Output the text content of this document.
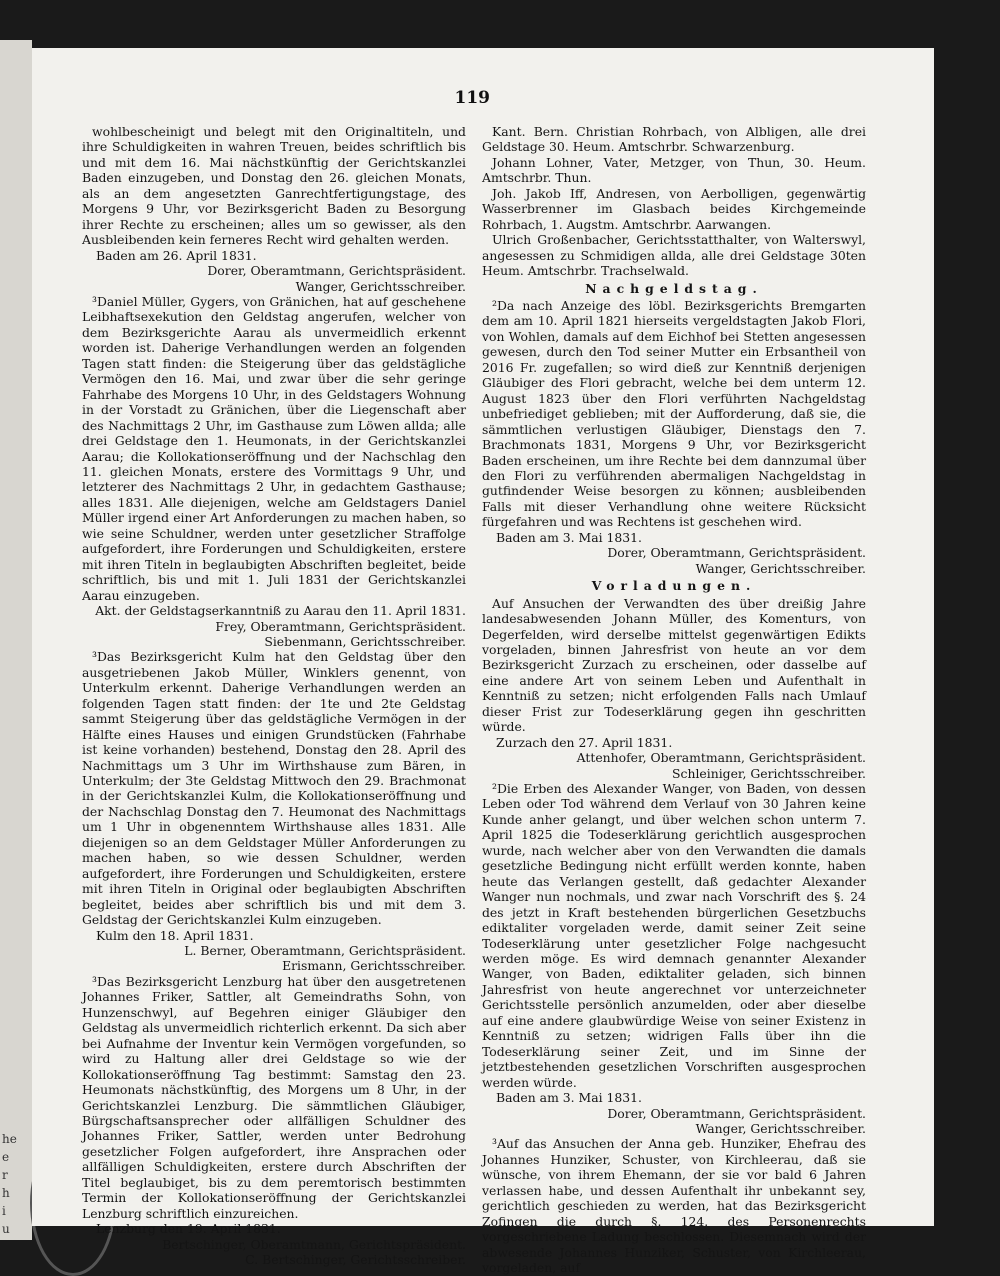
he
e
r
h
i
u
119

wohlbescheinigt und belegt mit den Originaltiteln, und ihre Schuldigkeiten in wahren Treuen, beides schriftlich bis und mit dem 16. Mai nächstkünftig der Gerichtskanzlei Baden einzugeben, und Donstag den 26. gleichen Monats, als an dem angesetzten Ganrechtfertigungstage, des Morgens 9 Uhr, vor Bezirksgericht Baden zu Besorgung ihrer Rechte zu erscheinen; alles um so gewisser, als den Ausbleibenden kein ferneres Recht wird gehalten werden.

Baden am 26. April 1831.

Dorer, Oberamtmann, Gerichtspräsident.

Wanger, Gerichtsschreiber.

³Daniel Müller, Gygers, von Gränichen, hat auf geschehene Leibhaftsexekution den Geldstag angerufen, welcher von dem Bezirksgerichte Aarau als unvermeidlich erkennt worden ist. Daherige Verhandlungen werden an folgenden Tagen statt finden: die Steigerung über das geldstägliche Vermögen den 16. Mai, und zwar über die sehr geringe Fahrhabe des Morgens 10 Uhr, in des Geldstagers Wohnung in der Vorstadt zu Gränichen, über die Liegenschaft aber des Nachmittags 2 Uhr, im Gasthause zum Löwen allda; alle drei Geldstage den 1. Heumonats, in der Gerichtskanzlei Aarau; die Kollokationseröffnung und der Nachschlag den 11. gleichen Monats, erstere des Vormittags 9 Uhr, und letzterer des Nachmittags 2 Uhr, in gedachtem Gasthause; alles 1831. Alle diejenigen, welche am Geldstagers Daniel Müller irgend einer Art Anforderungen zu machen haben, so wie seine Schuldner, werden unter gesetzlicher Straffolge aufgefordert, ihre Forderungen und Schuldigkeiten, erstere mit ihren Titeln in beglaubigten Abschriften begleitet, beide schriftlich, bis und mit 1. Juli 1831 der Gerichtskanzlei Aarau einzugeben.

Akt. der Geldstagserkanntniß zu Aarau den 11. April 1831.

Frey, Oberamtmann, Gerichtspräsident.

Siebenmann, Gerichtsschreiber.

³Das Bezirksgericht Kulm hat den Geldstag über den ausgetriebenen Jakob Müller, Winklers genennt, von Unterkulm erkennt. Daherige Verhandlungen werden an folgenden Tagen statt finden: der 1te und 2te Geldstag sammt Steigerung über das geldstägliche Vermögen in der Hälfte eines Hauses und einigen Grundstücken (Fahrhabe ist keine vorhanden) bestehend, Donstag den 28. April des Nachmittags um 3 Uhr im Wirthshause zum Bären, in Unterkulm; der 3te Geldstag Mittwoch den 29. Brachmonat in der Gerichtskanzlei Kulm, die Kollokationseröffnung und der Nachschlag Donstag den 7. Heumonat des Nachmittags um 1 Uhr in obgenenntem Wirthshause alles 1831. Alle diejenigen so an dem Geldstager Müller Anforderungen zu machen haben, so wie dessen Schuldner, werden aufgefordert, ihre Forderungen und Schuldigkeiten, erstere mit ihren Titeln in Original oder beglaubigten Abschriften begleitet, beides aber schriftlich bis und mit dem 3. Geldstag der Gerichtskanzlei Kulm einzugeben.

Kulm den 18. April 1831.

L. Berner, Oberamtmann, Gerichtspräsident.

Erismann, Gerichtsschreiber.

³Das Bezirksgericht Lenzburg hat über den ausgetretenen Johannes Friker, Sattler, alt Gemeindraths Sohn, von Hunzenschwyl, auf Begehren einiger Gläubiger den Geldstag als unvermeidlich richterlich erkennt. Da sich aber bei Aufnahme der Inventur kein Vermögen vorgefunden, so wird zu Haltung aller drei Geldstage so wie der Kollokationseröffnung Tag bestimmt: Samstag den 23. Heumonats nächstkünftig, des Morgens um 8 Uhr, in der Gerichtskanzlei Lenzburg. Die sämmtlichen Gläubiger, Bürgschaftsansprecher oder allfälligen Schuldner des Johannes Friker, Sattler, werden unter Bedrohung gesetzlicher Folgen aufgefordert, ihre Ansprachen oder allfälligen Schuldigkeiten, erstere durch Abschriften der Titel beglaubiget, bis zu dem peremtorisch bestimmten Termin der Kollokationseröffnung der Gerichtskanzlei Lenzburg schriftlich einzureichen.

Lenzburg den 19. April 1831.

Bertschinger, Oberamtmann, Gerichtspräsident.

C. Bertschinger, Gerichtsschreiber.

Kant. Bern. Christian Rohrbach, von Albligen, alle drei Geldstage 30. Heum. Amtschrbr. Schwarzenburg.

Johann Lohner, Vater, Metzger, von Thun, 30. Heum. Amtschrbr. Thun.

Joh. Jakob Iff, Andresen, von Aerbolligen, gegenwärtig Wasserbrenner im Glasbach beides Kirchgemeinde Rohrbach, 1. Augstm. Amtschrbr. Aarwangen.

Ulrich Großenbacher, Gerichtsstatthalter, von Walterswyl, angesessen zu Schmidigen allda, alle drei Geldstage 30ten Heum. Amtschrbr. Trachselwald.

Nachgeldstag.

²Da nach Anzeige des löbl. Bezirksgerichts Bremgarten dem am 10. April 1821 hierseits vergeldstagten Jakob Flori, von Wohlen, damals auf dem Eichhof bei Stetten angesessen gewesen, durch den Tod seiner Mutter ein Erbsantheil von 2016 Fr. zugefallen; so wird dieß zur Kenntniß derjenigen Gläubiger des Flori gebracht, welche bei dem unterm 12. August 1823 über den Flori verführten Nachgeldstag unbefriediget geblieben; mit der Aufforderung, daß sie, die sämmtlichen verlustigen Gläubiger, Dienstags den 7. Brachmonats 1831, Morgens 9 Uhr, vor Bezirksgericht Baden erscheinen, um ihre Rechte bei dem dannzumal über den Flori zu verführenden abermaligen Nachgeldstag in gutfindender Weise besorgen zu können; ausbleibenden Falls mit dieser Verhandlung ohne weitere Rücksicht fürgefahren und was Rechtens ist geschehen wird.

Baden am 3. Mai 1831.

Dorer, Oberamtmann, Gerichtspräsident.

Wanger, Gerichtsschreiber.

Vorladungen.

Auf Ansuchen der Verwandten des über dreißig Jahre landesabwesenden Johann Müller, des Komenturs, von Degerfelden, wird derselbe mittelst gegenwärtigen Edikts vorgeladen, binnen Jahresfrist von heute an vor dem Bezirksgericht Zurzach zu erscheinen, oder dasselbe auf eine andere Art von seinem Leben und Aufenthalt in Kenntniß zu setzen; nicht erfolgenden Falls nach Umlauf dieser Frist zur Todeserklärung gegen ihn geschritten würde.

Zurzach den 27. April 1831.

Attenhofer, Oberamtmann, Gerichtspräsident.

Schleiniger, Gerichtsschreiber.

²Die Erben des Alexander Wanger, von Baden, von dessen Leben oder Tod während dem Verlauf von 30 Jahren keine Kunde anher gelangt, und über welchen schon unterm 7. April 1825 die Todeserklärung gerichtlich ausgesprochen wurde, nach welcher aber von den Verwandten die damals gesetzliche Bedingung nicht erfüllt werden konnte, haben heute das Verlangen gestellt, daß gedachter Alexander Wanger nun nochmals, und zwar nach Vorschrift des §. 24 des jetzt in Kraft bestehenden bürgerlichen Gesetzbuchs ediktaliter vorgeladen werde, damit seiner Zeit seine Todeserklärung unter gesetzlicher Folge nachgesucht werden möge. Es wird demnach genannter Alexander Wanger, von Baden, ediktaliter geladen, sich binnen Jahresfrist von heute angerechnet vor unterzeichneter Gerichtsstelle persönlich anzumelden, oder aber dieselbe auf eine andere glaubwürdige Weise von seiner Existenz in Kenntniß zu setzen; widrigen Falls über ihn die Todeserklärung seiner Zeit, und im Sinne der jetztbestehenden gesetzlichen Vorschriften ausgesprochen werden würde.

Baden am 3. Mai 1831.

Dorer, Oberamtmann, Gerichtspräsident.

Wanger, Gerichtsschreiber.

³Auf das Ansuchen der Anna geb. Hunziker, Ehefrau des Johannes Hunziker, Schuster, von Kirchleerau, daß sie wünsche, von ihrem Ehemann, der sie vor bald 6 Jahren verlassen habe, und dessen Aufenthalt ihr unbekannt sey, gerichtlich geschieden zu werden, hat das Bezirksgericht Zofingen die durch §. 124. des Personenrechts vorgeschriebene Ladung beschlossen. Diesemnach wird der abwesende Johannes Hunziker, Schuster, von Kirchleerau, vorgeladen, auf
